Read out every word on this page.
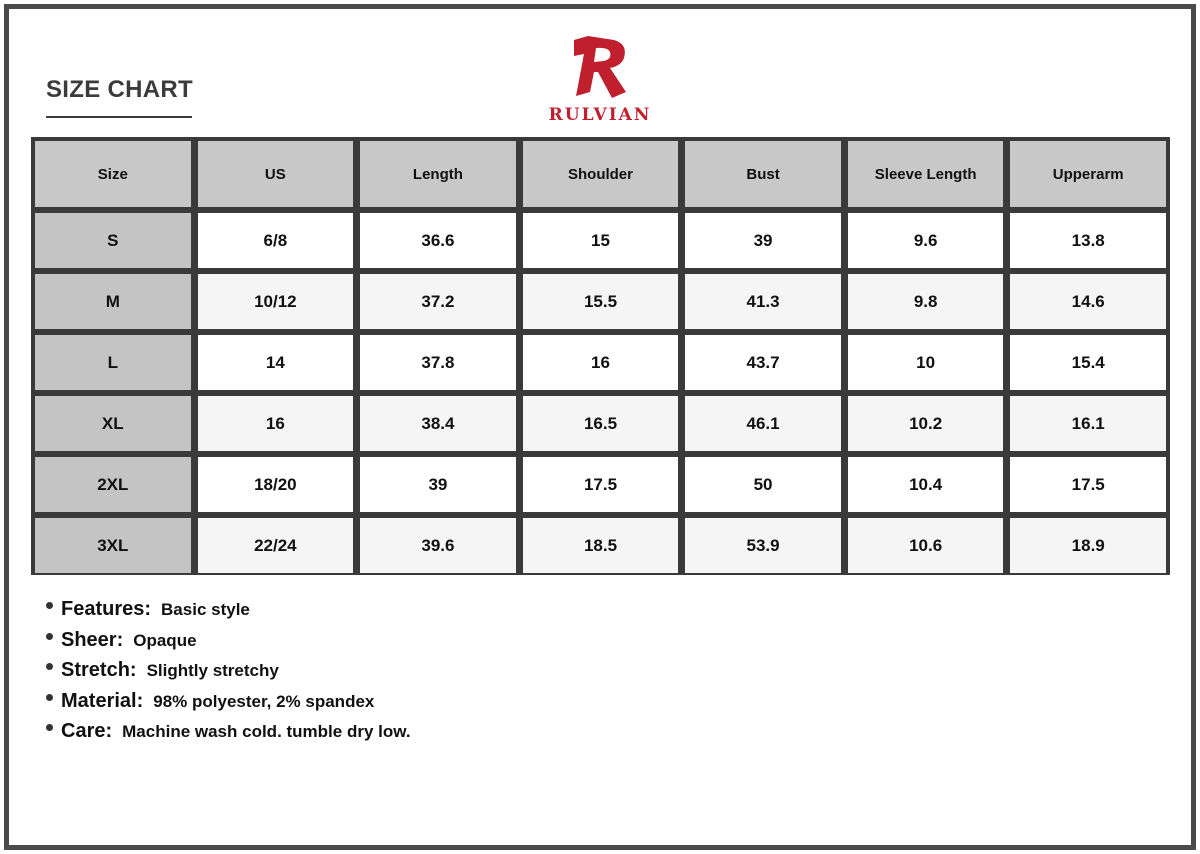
SIZE CHART
RULVIAN
Size	US	Length	Shoulder	Bust	Sleeve Length	Upperarm
S	6/8	36.6	15	39	9.6	13.8
M	10/12	37.2	15.5	41.3	9.8	14.6
L	14	37.8	16	43.7	10	15.4
XL	16	38.4	16.5	46.1	10.2	16.1
2XL	18/20	39	17.5	50	10.4	17.5
3XL	22/24	39.6	18.5	53.9	10.6	18.9
Features: Basic style
Sheer: Opaque
Stretch: Slightly stretchy
Material: 98% polyester, 2% spandex
Care: Machine wash cold. tumble dry low.
